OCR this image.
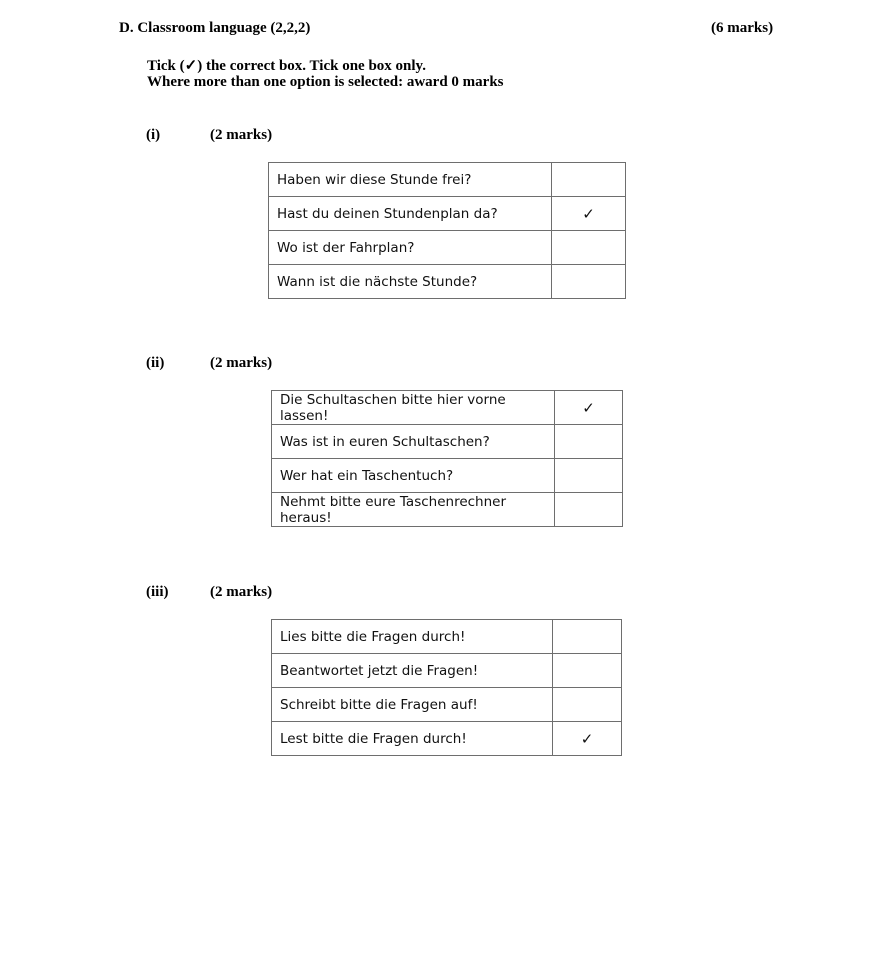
D. Classroom language (2,2,2)	(6 marks)
Tick (✓) the correct box. Tick one box only.
Where more than one option is selected: award 0 marks
(i)	(2 marks)
Haben wir diese Stunde frei?	
Hast du deinen Stundenplan da?	✓
Wo ist der Fahrplan?	
Wann ist die nächste Stunde?	
(ii)	(2 marks)
Die Schultaschen bitte hier vorne lassen!	✓
Was ist in euren Schultaschen?	
Wer hat ein Taschentuch?	
Nehmt bitte eure Taschenrechner heraus!	
(iii)	(2 marks)
Lies bitte die Fragen durch!	
Beantwortet jetzt die Fragen!	
Schreibt bitte die Fragen auf!	
Lest bitte die Fragen durch!	✓
